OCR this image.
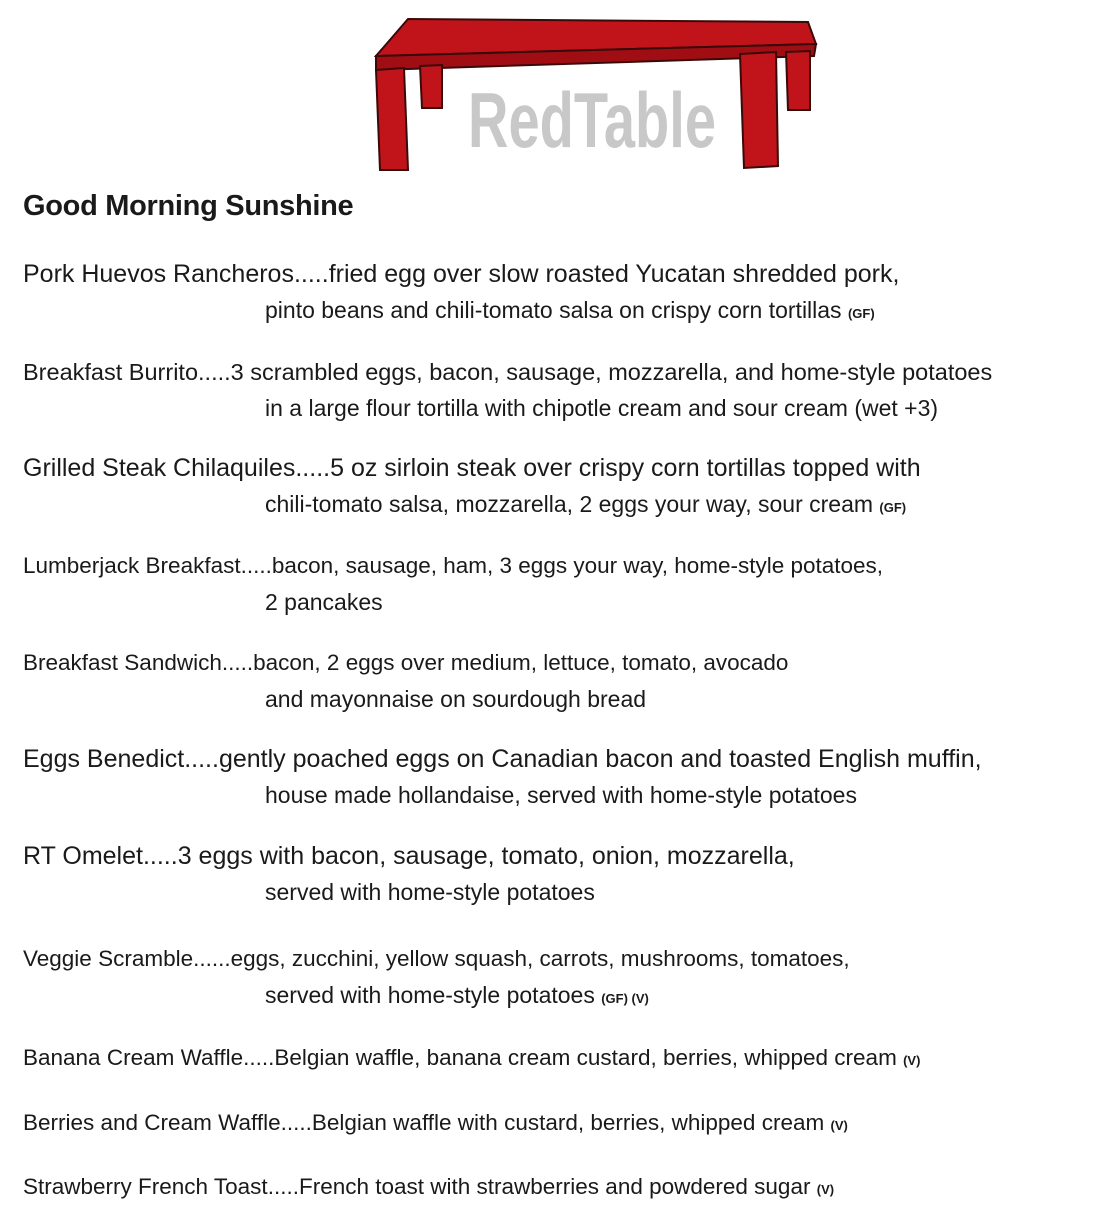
RedTable
Good Morning Sunshine
Pork Huevos Rancheros.....fried egg over slow roasted Yucatan shredded pork,
pinto beans and chili-tomato salsa on crispy corn tortillas (GF)
Breakfast Burrito.....3 scrambled eggs, bacon, sausage, mozzarella, and home-style potatoes
in a large flour tortilla with chipotle cream and sour cream (wet +3)
Grilled Steak Chilaquiles.....5 oz sirloin steak over crispy corn tortillas topped with
chili-tomato salsa, mozzarella, 2 eggs your way, sour cream (GF)
Lumberjack Breakfast.....bacon, sausage, ham, 3 eggs your way, home-style potatoes,
2 pancakes
Breakfast Sandwich.....bacon, 2 eggs over medium, lettuce, tomato, avocado
and mayonnaise on sourdough bread
Eggs Benedict.....gently poached eggs on Canadian bacon and toasted English muffin,
house made hollandaise, served with home-style potatoes
RT Omelet.....3 eggs with bacon, sausage, tomato, onion, mozzarella,
served with home-style potatoes
Veggie Scramble......eggs, zucchini, yellow squash, carrots, mushrooms, tomatoes,
served with home-style potatoes (GF) (V)
Banana Cream Waffle.....Belgian waffle, banana cream custard, berries, whipped cream (V)
Berries and Cream Waffle.....Belgian waffle with custard, berries, whipped cream (V)
Strawberry French Toast.....French toast with strawberries and powdered sugar (V)
